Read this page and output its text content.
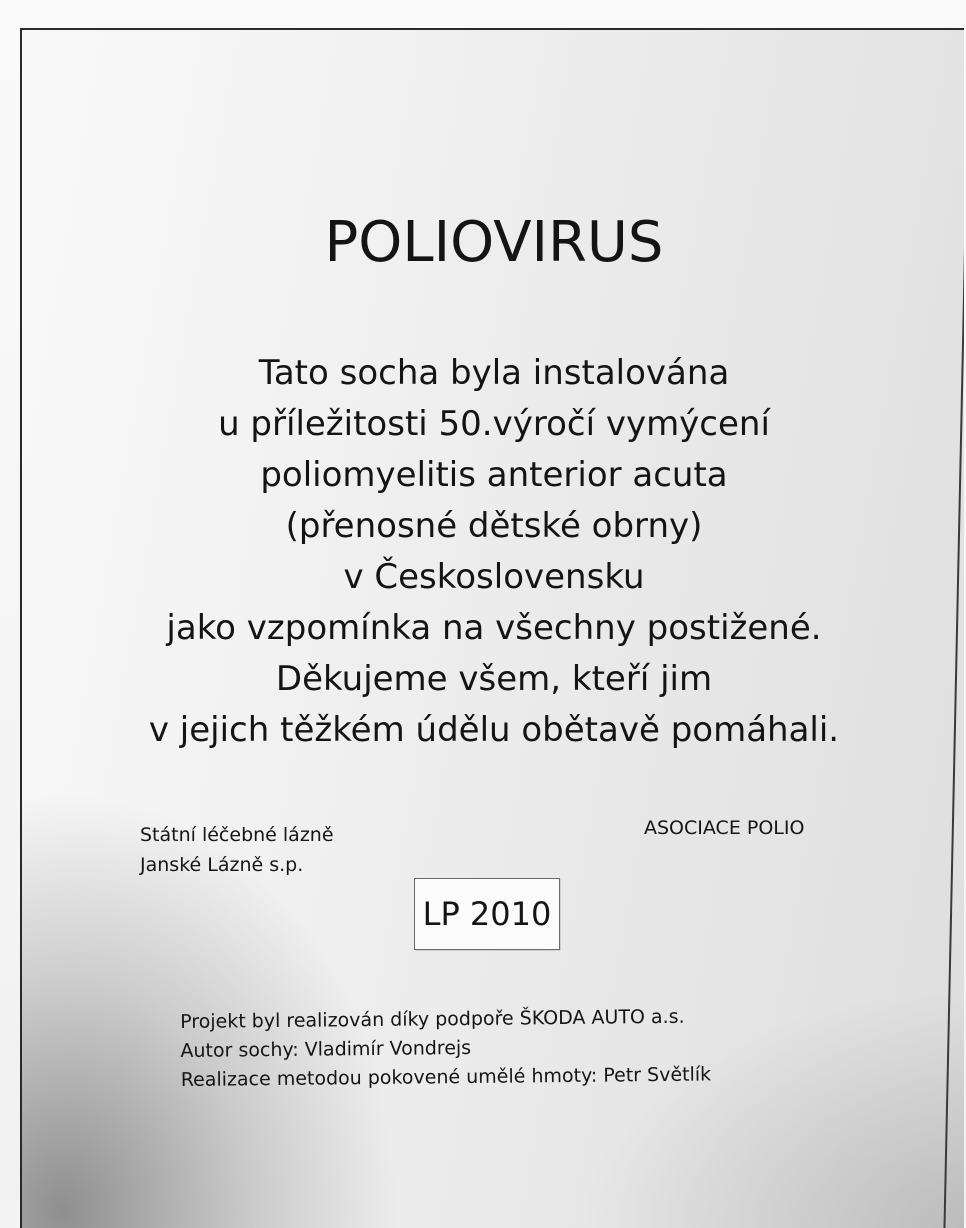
POLIOVIRUS
Tato socha byla instalována
u příležitosti 50.výročí vymýcení
poliomyelitis anterior acuta
(přenosné dětské obrny)
v Československu
jako vzpomínka na všechny postižené.
Děkujeme všem, kteří jim
v jejich těžkém údělu obětavě pomáhali.
Státní léčebné lázně
Janské Lázně s.p.
ASOCIACE POLIO
LP 2010
Projekt byl realizován díky podpoře ŠKODA AUTO a.s.
Autor sochy: Vladimír Vondrejs
Realizace metodou pokovené umělé hmoty: Petr Světlík
